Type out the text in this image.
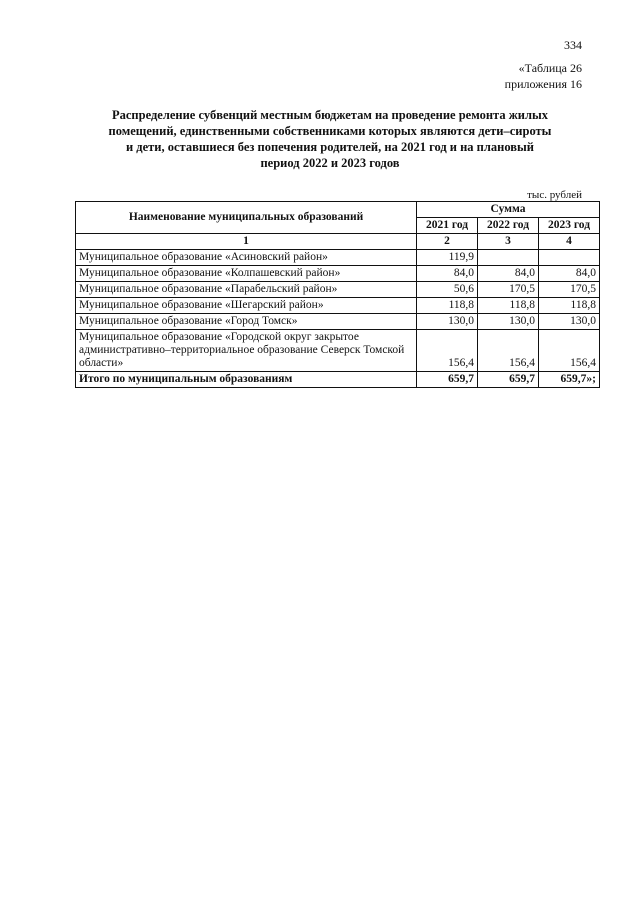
334
«Таблица 26
приложения 16
Распределение субвенций местным бюджетам на проведение ремонта жилых
помещений, единственными собственниками которых являются дети–сироты
и дети, оставшиеся без попечения родителей, на 2021 год и на плановый
период 2022 и 2023 годов
тыс. рублей
Наименование муниципальных образований	Сумма		
	2021 год	2022 год	2023 год
1	2	3	4
Муниципальное образование «Асиновский район»	119,9		
Муниципальное образование «Колпашевский район»	84,0	84,0	84,0
Муниципальное образование «Парабельский район»	50,6	170,5	170,5
Муниципальное образование «Шегарский район»	118,8	118,8	118,8
Муниципальное образование «Город Томск»	130,0	130,0	130,0
Муниципальное образование «Городской округ закрытое административно–территориальное образование Северск Томской области»	156,4	156,4	156,4
Итого по муниципальным образованиям	659,7	659,7	659,7»;
